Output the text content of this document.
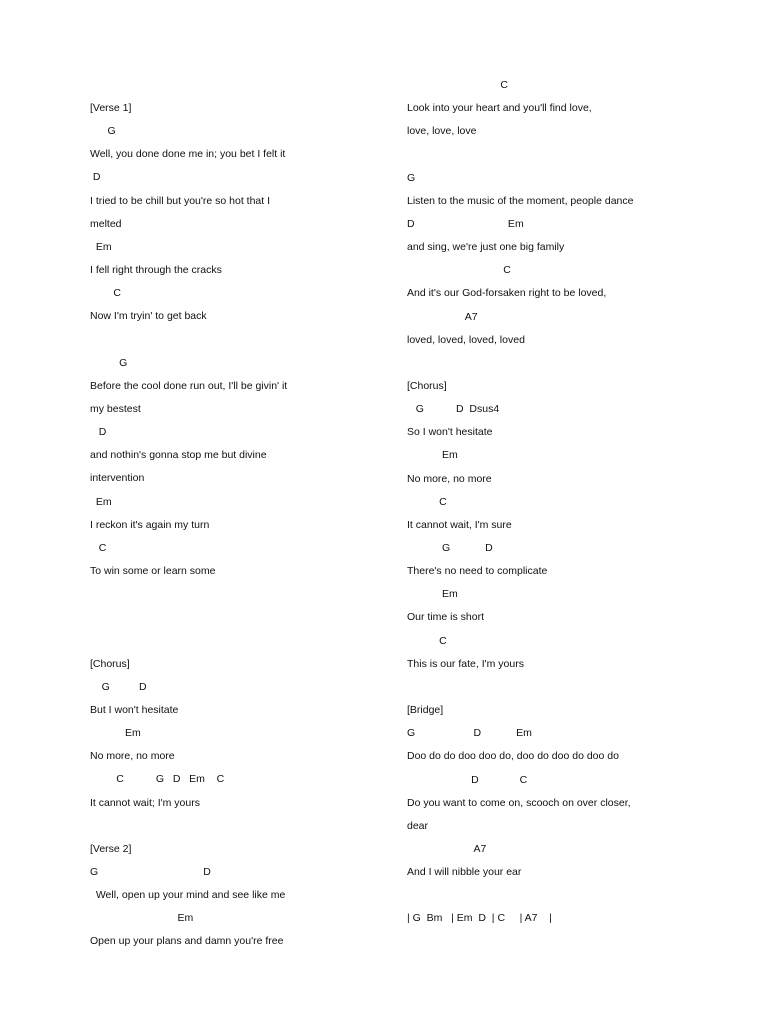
[Verse 1]
G
Well, you done done me in; you bet I felt it
D
I tried to be chill but you're so hot that I
melted
Em
I fell right through the cracks
C
Now I'm tryin' to get back
G
Before the cool done run out, I'll be givin' it
my bestest
D
and nothin's gonna stop me but divine
intervention
Em
I reckon it's again my turn
C
To win some or learn some
[Chorus]
G          D
But I won't hesitate
Em
No more, no more
C           G   D   Em    C
It cannot wait; I'm yours
[Verse 2]
G                                    D
Well, open up your mind and see like me
Em
Open up your plans and damn you're free
C
Look into your heart and you'll find love,
love, love, love
G
Listen to the music of the moment, people dance
D                                Em
and sing, we're just one big family
C
And it's our God-forsaken right to be loved,
A7
loved, loved, loved, loved
[Chorus]
G           D  Dsus4
So I won't hesitate
Em
No more, no more
C
It cannot wait, I'm sure
G            D
There's no need to complicate
Em
Our time is short
C
This is our fate, I'm yours
[Bridge]
G                    D            Em
Doo do do doo doo do, doo do doo do doo do
D              C
Do you want to come on, scooch on over closer,
dear
A7
And I will nibble your ear
| G  Bm   | Em  D  | C     | A7    |
